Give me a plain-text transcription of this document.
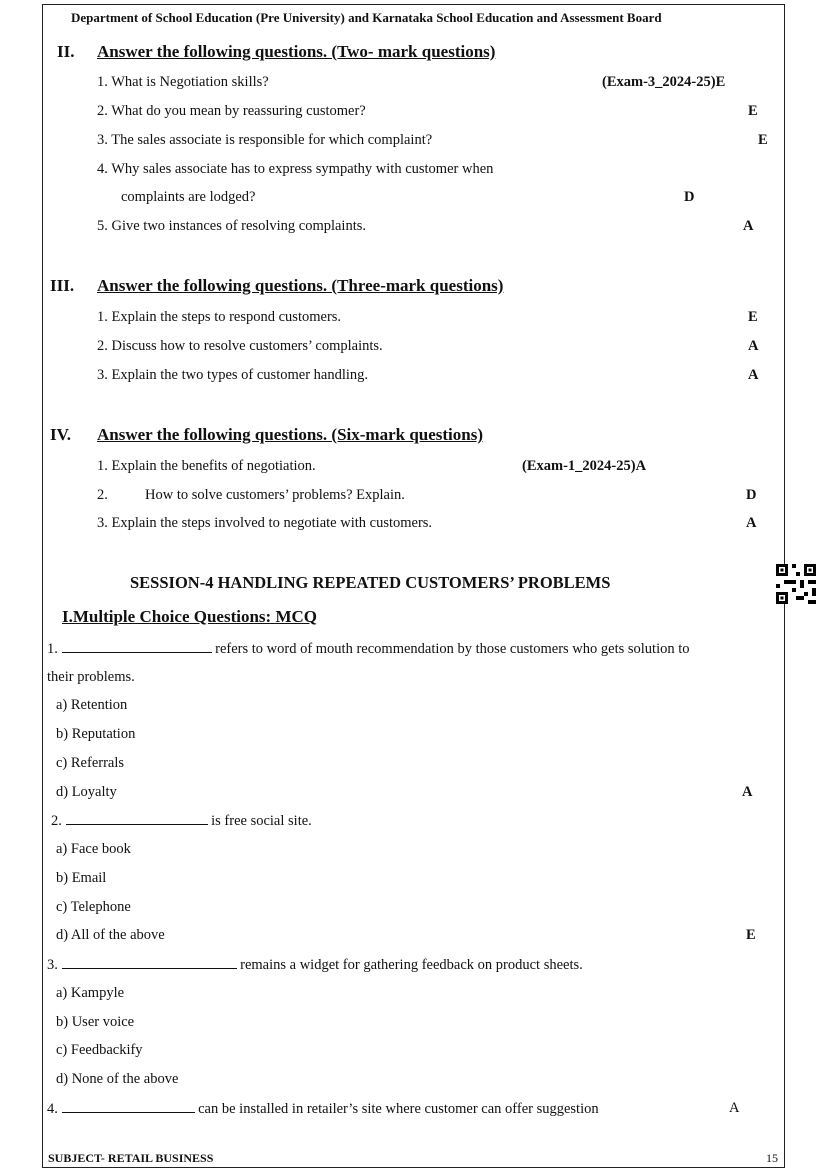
Department of School Education (Pre University) and Karnataka School Education and Assessment Board
II. Answer the following questions. (Two- mark questions)
1. What is Negotiation skills?	(Exam-3_2024-25)E
2. What do you mean by reassuring customer?	E
3. The sales associate is responsible for which complaint?	E
4. Why sales associate has to express sympathy with customer when
complaints are lodged?	D
5. Give two instances of resolving complaints.	A
III. Answer the following questions. (Three-mark questions)
1. Explain the steps to respond customers.	E
2. Discuss how to resolve customers’ complaints.	A
3. Explain the two types of customer handling.	A
IV. Answer the following questions. (Six-mark questions)
1. Explain the benefits of negotiation.	(Exam-1_2024-25)A
2.	How to solve customers’ problems? Explain.	D
3. Explain the steps involved to negotiate with customers.	A
SESSION-4 HANDLING REPEATED CUSTOMERS’ PROBLEMS
I.Multiple Choice Questions: MCQ
1.	refers to word of mouth recommendation by those customers who gets solution to
their problems.
a) Retention
b) Reputation
c) Referrals
d) Loyalty	A
2.	is free social site.
a) Face book
b) Email
c) Telephone
d) All of the above	E
3.	remains a widget for gathering feedback on product sheets.
a) Kampyle
b) User voice
c) Feedbackify
d) None of the above
4.	can be installed in retailer’s site where customer can offer suggestion	A
SUBJECT- RETAIL BUSINESS	15
